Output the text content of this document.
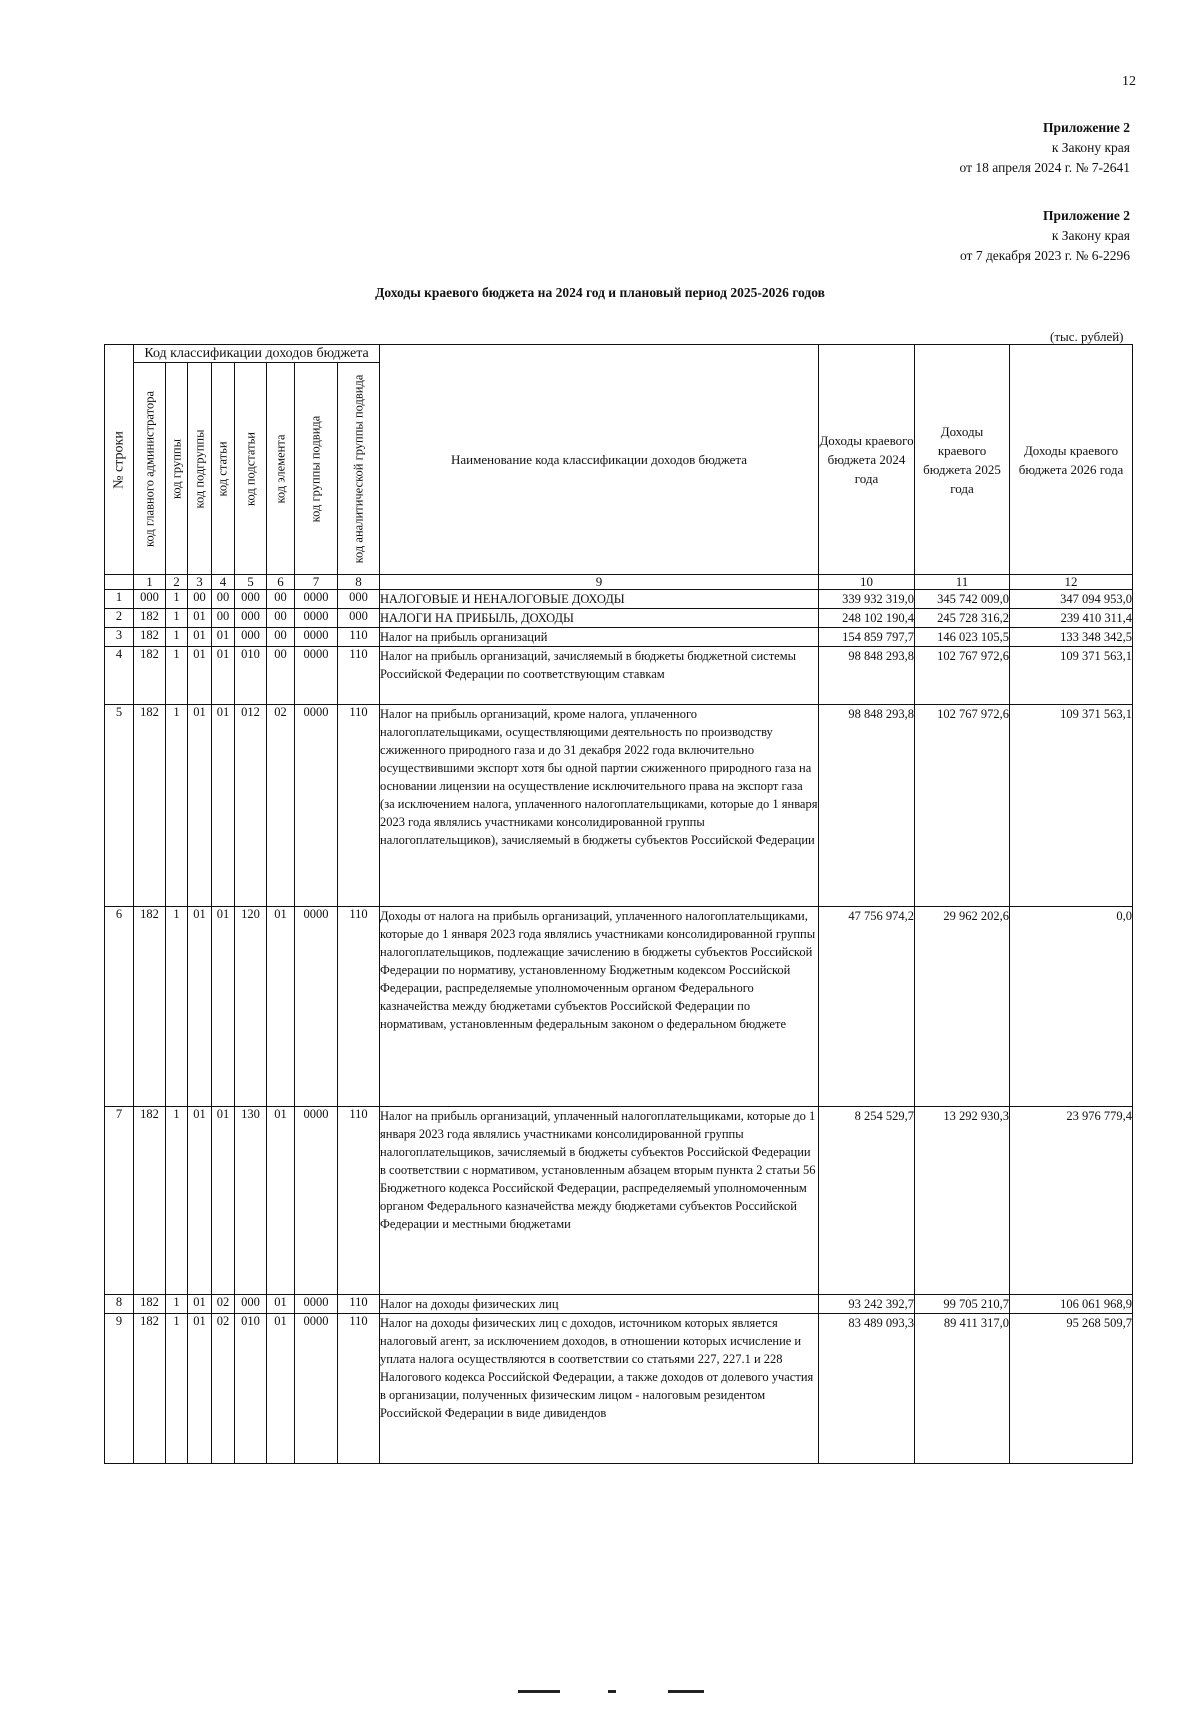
12
Приложение 2
к Закону края
от 18 апреля 2024 г. № 7-2641
Приложение 2
к Закону края
от 7 декабря 2023 г. № 6-2296
Доходы краевого бюджета на 2024 год и плановый период 2025-2026 годов
(тыс. рублей)
№ строки	Код классификации доходов бюджета								Наименование кода классификации доходов бюджета	Доходы краевого бюджета 2024 года	Доходы краевого бюджета 2025 года	Доходы краевого бюджета 2026 года

	код главного администратора	код группы	код подгруппы	код статьи	код подстатьи	код элемента	код группы подвида	код аналитической группы подвида				

	1	2	3	4	5	6	7	8	9	10	11	12
1	000	1	00	00	000	00	0000	000	НАЛОГОВЫЕ И НЕНАЛОГОВЫЕ ДОХОДЫ	339 932 319,0	345 742 009,0	347 094 953,0
2	182	1	01	00	000	00	0000	000	НАЛОГИ НА ПРИБЫЛЬ, ДОХОДЫ	248 102 190,4	245 728 316,2	239 410 311,4
3	182	1	01	01	000	00	0000	110	Налог на прибыль организаций	154 859 797,7	146 023 105,5	133 348 342,5
4	182	1	01	01	010	00	0000	110	Налог на прибыль организаций, зачисляемый в бюджеты бюджетной системы Российской Федерации по соответствующим ставкам	98 848 293,8	102 767 972,6	109 371 563,1
5	182	1	01	01	012	02	0000	110	Налог на прибыль организаций, кроме налога, уплаченного налогоплательщиками, осуществляющими деятельность по производству сжиженного природного газа и до 31 декабря 2022 года включительно осуществившими экспорт хотя бы одной партии сжиженного природного газа на основании лицензии на осуществление исключительного права на экспорт газа (за исключением налога, уплаченного налогоплательщиками, которые до 1 января 2023 года являлись участниками консолидированной группы налогоплательщиков), зачисляемый в бюджеты субъектов Российской Федерации	98 848 293,8	102 767 972,6	109 371 563,1
6	182	1	01	01	120	01	0000	110	Доходы от налога на прибыль организаций, уплаченного налогоплательщиками, которые до 1 января 2023 года являлись участниками консолидированной группы налогоплательщиков, подлежащие зачислению в бюджеты субъектов Российской Федерации по нормативу, установленному Бюджетным кодексом Российской Федерации, распределяемые уполномоченным органом Федерального казначейства между бюджетами субъектов Российской Федерации по нормативам, установленным федеральным законом о федеральном бюджете	47 756 974,2	29 962 202,6	0,0
7	182	1	01	01	130	01	0000	110	Налог на прибыль организаций, уплаченный налогоплательщиками, которые до 1 января 2023 года являлись участниками консолидированной группы налогоплательщиков, зачисляемый в бюджеты субъектов Российской Федерации в соответствии с нормативом, установленным абзацем вторым пункта 2 статьи 56 Бюджетного кодекса Российской Федерации, распределяемый уполномоченным органом Федерального казначейства между бюджетами субъектов Российской Федерации и местными бюджетами	8 254 529,7	13 292 930,3	23 976 779,4
8	182	1	01	02	000	01	0000	110	Налог на доходы физических лиц	93 242 392,7	99 705 210,7	106 061 968,9
9	182	1	01	02	010	01	0000	110	Налог на доходы физических лиц с доходов, источником которых является налоговый агент, за исключением доходов, в отношении которых исчисление и уплата налога осуществляются в соответствии со статьями 227, 227.1 и 228 Налогового кодекса Российской Федерации, а также доходов от долевого участия в организации, полученных физическим лицом - налоговым резидентом Российской Федерации в виде дивидендов	83 489 093,3	89 411 317,0	95 268 509,7
